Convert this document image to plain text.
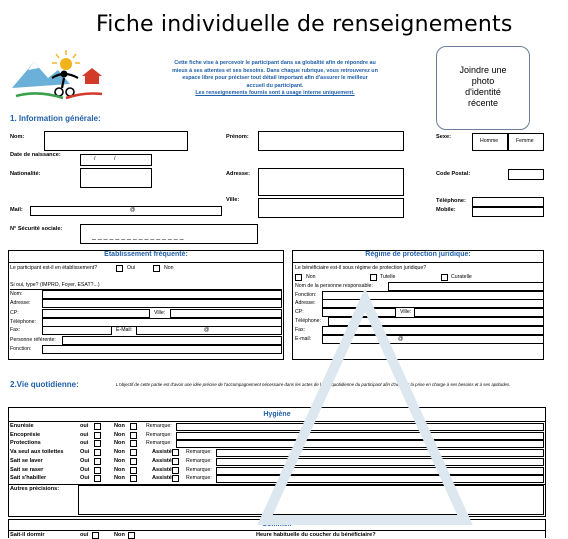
Fiche individuelle de renseignements
Cette fiche vise à percevoir le participant dans sa globalité afin de répondre au
mieux à ses attentes et ses besoins. Dans chaque rubrique, vous retrouverez un
espace libre pour préciser tout détail important afin d'assurer le meilleur
accueil du participant.
Les renseignements fournis sont à usage interne uniquement.
Joindre une
photo
d'identité
récente
1. Information générale:
Nom:	Prénom:	Sexe:
Homme	Femme
Date de naissance:
/	/
Nationalité:	Adresse:	Code Postal:
Ville:	Téléphone:
Mail:	@	Mobile:
N° Sécurité sociale:
_ _ _ _ _ _ _ _ _ _ _ _ _ _ _ _
Etablissement fréquenté:
Le participant est-il en établissement?	Oui	Non
Si oui, type? (IMPRO, Foyer, ESAT?...)
Nom:
Adresse:
CP:	Ville:
Téléphone:
Fax:	E-Mail:	@
Personne référente:
Fonction:
Régime de protection juridique:
Le bénéficiaire est-il sous régime de protection juridique?
Non	Tutelle	Curatelle
Nom de la personne responsable:
Fonction:
Adresse:
CP:	Ville:
Téléphone:
Fax:
E-mail:	@
2.Vie quotidienne:	L'objectif de cette partie est d'avoir une idée précise de l'accompagnement nécessaire dans les actes de la vie quotidienne du participant afin d'adapter la prise en charge à ses besoins et à ses aptitudes.
Hygiène
Enurésie	oui	Non	Remarque:
Encoprésie	oui	Non	Remarque:
Protections	oui	Non	Remarque:
Va seul aux toilettes	Oui	Non	Assisté	Remarque:
Sait se laver	Oui	Non	Assisté	Remarque:
Sait se raser	Oui	Non	Assisté	Remarque:
Sait s'habiller	Oui	Non	Assisté	Remarque:
Autres précisions:
Sommeil
Sait-il dormir	oui	Non	Heure habituelle du coucher du bénéficiaire?
